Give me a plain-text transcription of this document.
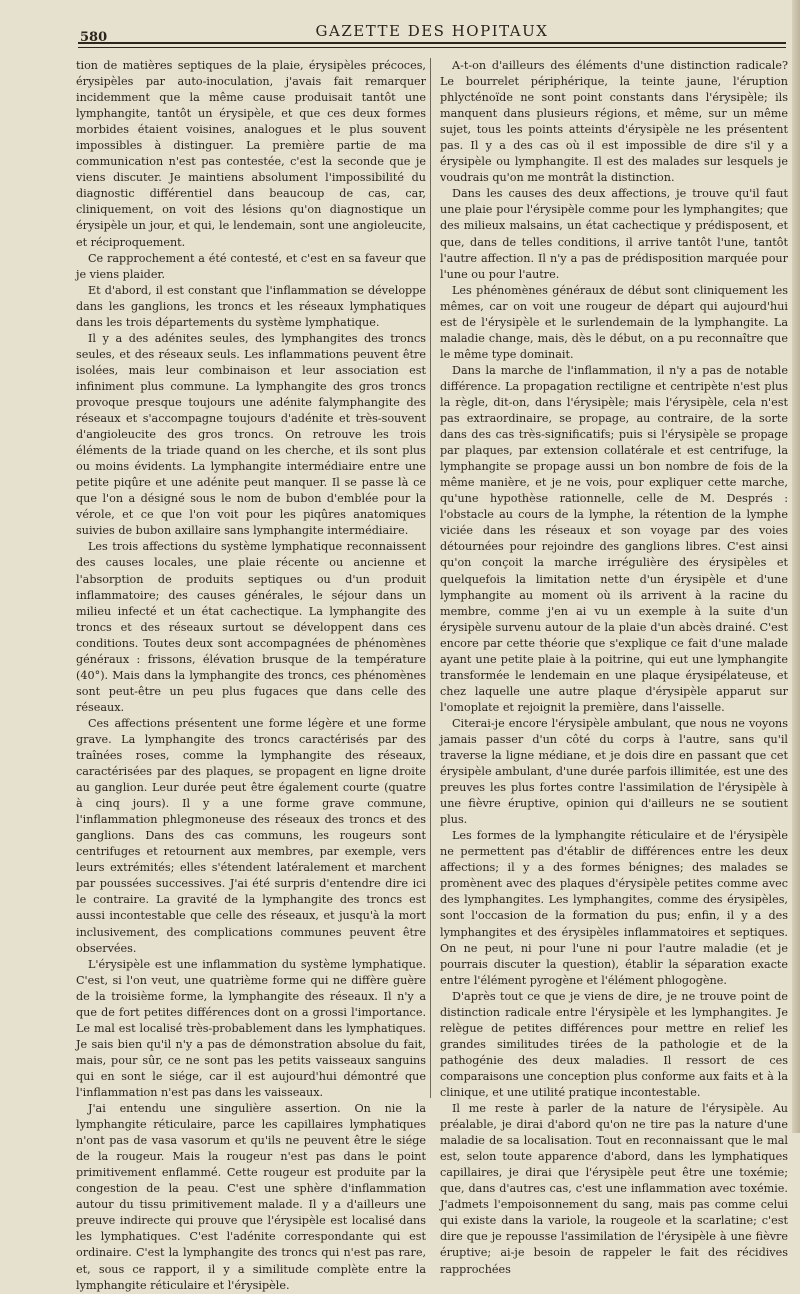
580	GAZETTE DES HOPITAUX

tion de matières septiques de la plaie, érysipèles précoces, érysipèles par auto-inoculation, j'avais fait remarquer incidemment que la même cause produisait tantôt une lymphangite, tantôt un érysipèle, et que ces deux formes morbides étaient voisines, analogues et le plus souvent impossibles à distinguer. La première partie de ma communication n'est pas contestée, c'est la seconde que je viens discuter. Je maintiens absolument l'impossibilité du diagnostic différentiel dans beaucoup de cas, car, cliniquement, on voit des lésions qu'on diagnostique un érysipèle un jour, et qui, le lendemain, sont une angioleucite, et réciproquement.

Ce rapprochement a été contesté, et c'est en sa faveur que je viens plaider.

Et d'abord, il est constant que l'inflammation se développe dans les ganglions, les troncs et les réseaux lymphatiques dans les trois départements du système lymphatique.

Il y a des adénites seules, des lymphangites des troncs seules, et des réseaux seuls. Les inflammations peuvent être isolées, mais leur combinaison et leur association est infiniment plus commune. La lymphangite des gros troncs provoque presque toujours une adénite falymphangite des réseaux et s'accompagne toujours d'adénite et très-souvent d'angioleucite des gros troncs. On retrouve les trois éléments de la triade quand on les cherche, et ils sont plus ou moins évidents. La lymphangite intermédiaire entre une petite piqûre et une adénite peut manquer. Il se passe là ce que l'on a désigné sous le nom de bubon d'emblée pour la vérole, et ce que l'on voit pour les piqûres anatomiques suivies de bubon axillaire sans lymphangite intermédiaire.

Les trois affections du système lymphatique reconnaissent des causes locales, une plaie récente ou ancienne et l'absorption de produits septiques ou d'un produit inflammatoire; des causes générales, le séjour dans un milieu infecté et un état cachectique. La lymphangite des troncs et des réseaux surtout se développent dans ces conditions. Toutes deux sont accompagnées de phénomènes généraux : frissons, élévation brusque de la température (40°). Mais dans la lymphangite des troncs, ces phénomènes sont peut-être un peu plus fugaces que dans celle des réseaux.

Ces affections présentent une forme légère et une forme grave. La lymphangite des troncs caractérisés par des traînées roses, comme la lymphangite des réseaux, caractérisées par des plaques, se propagent en ligne droite au ganglion. Leur durée peut être également courte (quatre à cinq jours). Il y a une forme grave commune, l'inflammation phlegmoneuse des réseaux des troncs et des ganglions. Dans des cas communs, les rougeurs sont centrifuges et retournent aux membres, par exemple, vers leurs extrémités; elles s'étendent latéralement et marchent par poussées successives. J'ai été surpris d'entendre dire ici le contraire. La gravité de la lymphangite des troncs est aussi incontestable que celle des réseaux, et jusqu'à la mort inclusivement, des complications communes peuvent être observées.

L'érysipèle est une inflammation du système lymphatique. C'est, si l'on veut, une quatrième forme qui ne diffère guère de la troisième forme, la lymphangite des réseaux. Il n'y a que de fort petites différences dont on a grossi l'importance. Le mal est localisé très-probablement dans les lymphatiques. Je sais bien qu'il n'y a pas de démonstration absolue du fait, mais, pour sûr, ce ne sont pas les petits vaisseaux sanguins qui en sont le siége, car il est aujourd'hui démontré que l'inflammation n'est pas dans les vaisseaux.

J'ai entendu une singulière assertion. On nie la lymphangite réticulaire, parce les capillaires lymphatiques n'ont pas de vasa vasorum et qu'ils ne peuvent être le siége de la rougeur. Mais la rougeur n'est pas dans le point primitivement enflammé. Cette rougeur est produite par la congestion de la peau. C'est une sphère d'inflammation autour du tissu primitivement malade. Il y a d'ailleurs une preuve indirecte qui prouve que l'érysipèle est localisé dans les lymphatiques. C'est l'adénite correspondante qui est ordinaire. C'est la lymphangite des troncs qui n'est pas rare, et, sous ce rapport, il y a similitude complète entre la lymphangite réticulaire et l'érysipèle.

A-t-on d'ailleurs des éléments d'une distinction radicale? Le bourrelet périphérique, la teinte jaune, l'éruption phlycténoïde ne sont point constants dans l'érysipèle; ils manquent dans plusieurs régions, et même, sur un même sujet, tous les points atteints d'érysipèle ne les présentent pas. Il y a des cas où il est impossible de dire s'il y a érysipèle ou lymphangite. Il est des malades sur lesquels je voudrais qu'on me montrât la distinction.

Dans les causes des deux affections, je trouve qu'il faut une plaie pour l'érysipèle comme pour les lymphangites; que des milieux malsains, un état cachectique y prédisposent, et que, dans de telles conditions, il arrive tantôt l'une, tantôt l'autre affection. Il n'y a pas de prédisposition marquée pour l'une ou pour l'autre.

Les phénomènes généraux de début sont cliniquement les mêmes, car on voit une rougeur de départ qui aujourd'hui est de l'érysipèle et le surlendemain de la lymphangite. La maladie change, mais, dès le début, on a pu reconnaître que le même type dominait.

Dans la marche de l'inflammation, il n'y a pas de notable différence. La propagation rectiligne et centripète n'est plus la règle, dit-on, dans l'érysipèle; mais l'érysipèle, cela n'est pas extraordinaire, se propage, au contraire, de la sorte dans des cas très-significatifs; puis si l'érysipèle se propage par plaques, par extension collatérale et est centrifuge, la lymphangite se propage aussi un bon nombre de fois de la même manière, et je ne vois, pour expliquer cette marche, qu'une hypothèse rationnelle, celle de M. Després : l'obstacle au cours de la lymphe, la rétention de la lymphe viciée dans les réseaux et son voyage par des voies détournées pour rejoindre des ganglions libres. C'est ainsi qu'on conçoit la marche irrégulière des érysipèles et quelquefois la limitation nette d'un érysipèle et d'une lymphangite au moment où ils arrivent à la racine du membre, comme j'en ai vu un exemple à la suite d'un érysipèle survenu autour de la plaie d'un abcès drainé. C'est encore par cette théorie que s'explique ce fait d'une malade ayant une petite plaie à la poitrine, qui eut une lymphangite transformée le lendemain en une plaque érysipélateuse, et chez laquelle une autre plaque d'érysipèle apparut sur l'omoplate et rejoignit la première, dans l'aisselle.

Citerai-je encore l'érysipèle ambulant, que nous ne voyons jamais passer d'un côté du corps à l'autre, sans qu'il traverse la ligne médiane, et je dois dire en passant que cet érysipèle ambulant, d'une durée parfois illimitée, est une des preuves les plus fortes contre l'assimilation de l'érysipèle à une fièvre éruptive, opinion qui d'ailleurs ne se soutient plus.

Les formes de la lymphangite réticulaire et de l'érysipèle ne permettent pas d'établir de différences entre les deux affections; il y a des formes bénignes; des malades se promènent avec des plaques d'érysipèle petites comme avec des lymphangites. Les lymphangites, comme des érysipèles, sont l'occasion de la formation du pus; enfin, il y a des lymphangites et des érysipèles inflammatoires et septiques. On ne peut, ni pour l'une ni pour l'autre maladie (et je pourrais discuter la question), établir la séparation exacte entre l'élément pyrogène et l'élément phlogogène.

D'après tout ce que je viens de dire, je ne trouve point de distinction radicale entre l'érysipèle et les lymphangites. Je relègue de petites différences pour mettre en relief les grandes similitudes tirées de la pathologie et de la pathogénie des deux maladies. Il ressort de ces comparaisons une conception plus conforme aux faits et à la clinique, et une utilité pratique incontestable.

Il me reste à parler de la nature de l'érysipèle. Au préalable, je dirai d'abord qu'on ne tire pas la nature d'une maladie de sa localisation. Tout en reconnaissant que le mal est, selon toute apparence d'abord, dans les lymphatiques capillaires, je dirai que l'érysipèle peut être une toxémie; que, dans d'autres cas, c'est une inflammation avec toxémie. J'admets l'empoisonnement du sang, mais pas comme celui qui existe dans la variole, la rougeole et la scarlatine; c'est dire que je repousse l'assimilation de l'érysipèle à une fièvre éruptive; ai-je besoin de rappeler le fait des récidives rapprochées
